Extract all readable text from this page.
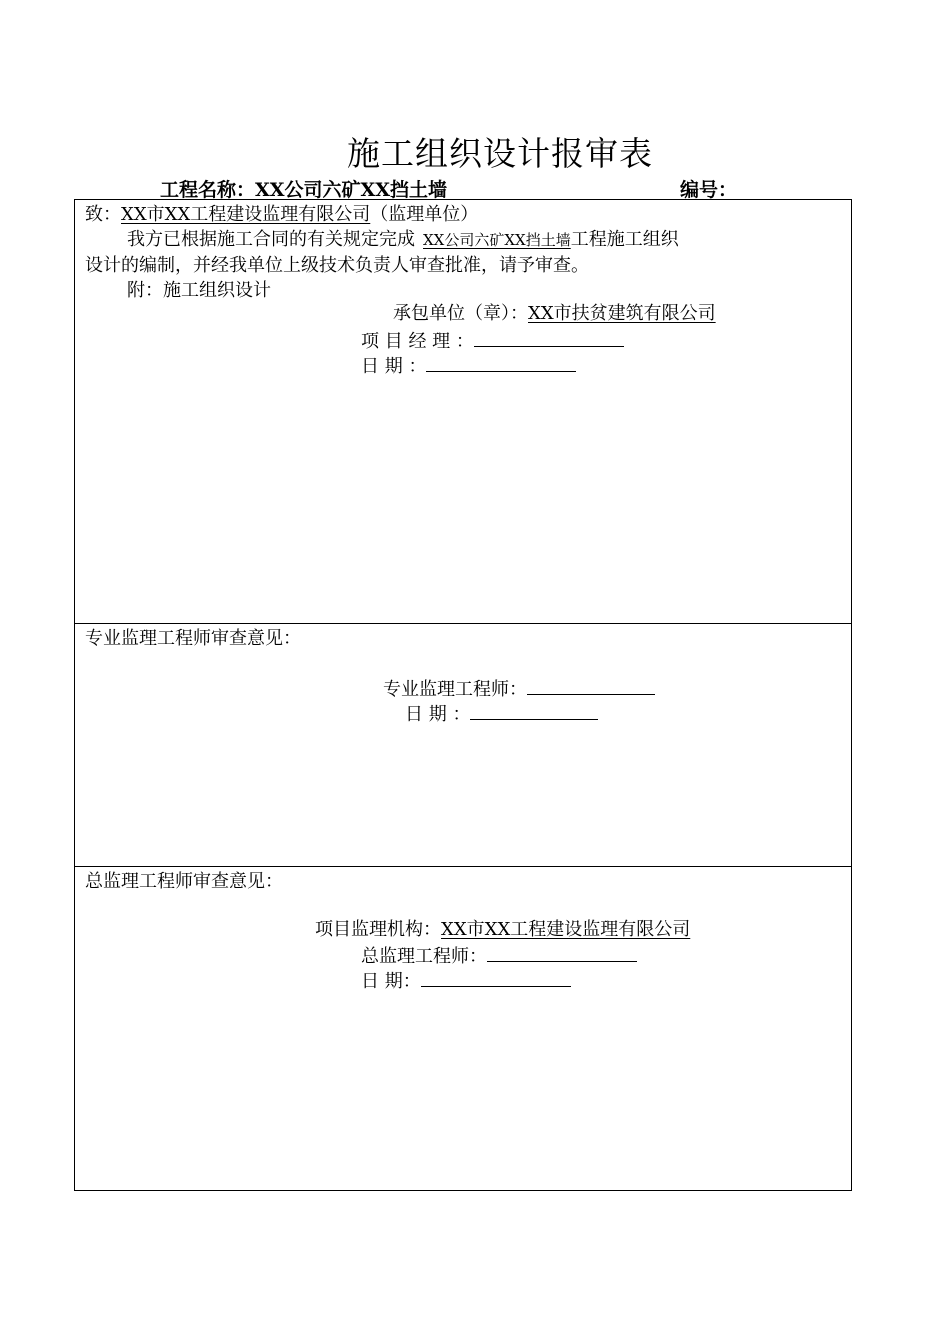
施工组织设计报审表
工程名称：XX公司六矿XX挡土墙	编号：
致：XX市XX工程建设监理有限公司（监理单位）
我方已根据施工合同的有关规定完成 XX公司六矿XX挡土墙工程施工组织
设计的编制，并经我单位上级技术负责人审查批准，请予审查。
附：施工组织设计
承包单位（章）：XX市扶贫建筑有限公司
项 目 经 理 ：
日 期 ：
专业监理工程师审查意见：
专业监理工程师：
日 期 ：
总监理工程师审查意见：
项目监理机构：XX市XX工程建设监理有限公司
总监理工程师：
日 期：
